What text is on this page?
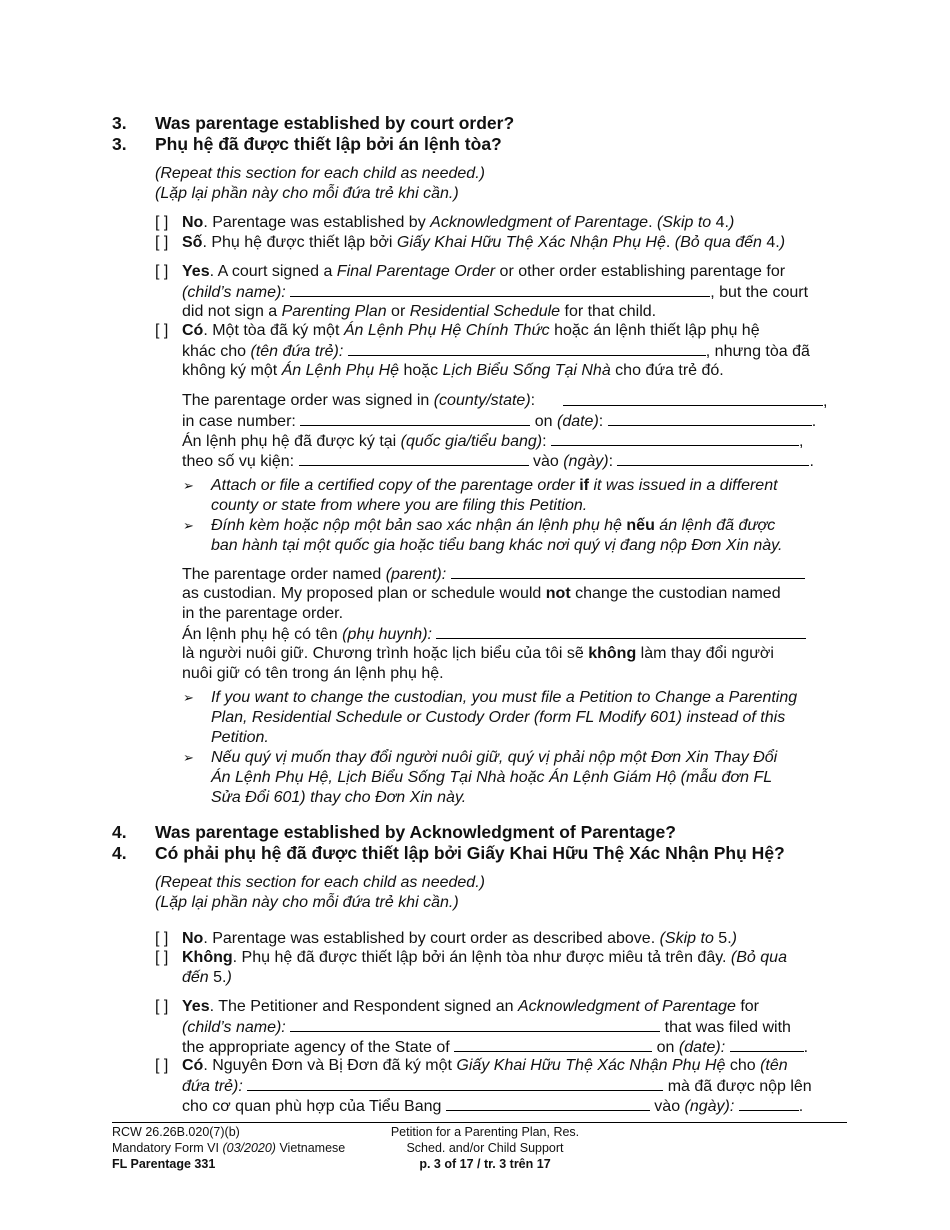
3. Was parentage established by court order?
3. Phụ hệ đã được thiết lập bởi án lệnh tòa?
(Repeat this section for each child as needed.)
(Lặp lại phần này cho mỗi đứa trẻ khi cần.)
[ ] No. Parentage was established by Acknowledgment of Parentage. (Skip to 4.)
[ ] Số. Phụ hệ được thiết lập bởi Giấy Khai Hữu Thệ Xác Nhận Phụ Hệ. (Bỏ qua đến 4.)
[ ] Yes. A court signed a Final Parentage Order or other order establishing parentage for
(child’s name):	, but the court
did not sign a Parenting Plan or Residential Schedule for that child.
[ ] Có. Một tòa đã ký một Án Lệnh Phụ Hệ Chính Thức hoặc án lệnh thiết lập phụ hệ
khác cho (tên đứa trẻ):	, nhưng tòa đã
không ký một Án Lệnh Phụ Hệ hoặc Lịch Biểu Sống Tại Nhà cho đứa trẻ đó.
The parentage order was signed in (county/state):	,
in case number:	on (date):	.
Án lệnh phụ hệ đã được ký tại (quốc gia/tiểu bang):	,
theo số vụ kiện:	vào (ngày):	.
➢ Attach or file a certified copy of the parentage order if it was issued in a different
county or state from where you are filing this Petition.
➢ Đính kèm hoặc nộp một bản sao xác nhận án lệnh phụ hệ nếu án lệnh đã được
ban hành tại một quốc gia hoặc tiểu bang khác nơi quý vị đang nộp Đơn Xin này.
The parentage order named (parent):
as custodian. My proposed plan or schedule would not change the custodian named
in the parentage order.
Án lệnh phụ hệ có tên (phụ huynh):
là người nuôi giữ. Chương trình hoặc lịch biểu của tôi sẽ không làm thay đổi người
nuôi giữ có tên trong án lệnh phụ hệ.
➢ If you want to change the custodian, you must file a Petition to Change a Parenting
Plan, Residential Schedule or Custody Order (form FL Modify 601) instead of this
Petition.
➢ Nếu quý vị muốn thay đổi người nuôi giữ, quý vị phải nộp một Đơn Xin Thay Đổi
Án Lệnh Phụ Hệ, Lịch Biểu Sống Tại Nhà hoặc Án Lệnh Giám Hộ (mẫu đơn FL
Sửa Đổi 601) thay cho Đơn Xin này.
4. Was parentage established by Acknowledgment of Parentage?
4. Có phải phụ hệ đã được thiết lập bởi Giấy Khai Hữu Thệ Xác Nhận Phụ Hệ?
(Repeat this section for each child as needed.)
(Lặp lại phần này cho mỗi đứa trẻ khi cần.)
[ ] No. Parentage was established by court order as described above. (Skip to 5.)
[ ] Không. Phụ hệ đã được thiết lập bởi án lệnh tòa như được miêu tả trên đây. (Bỏ qua
đến 5.)
[ ] Yes. The Petitioner and Respondent signed an Acknowledgment of Parentage for
(child’s name):	that was filed with
the appropriate agency of the State of	on (date):	.
[ ] Có. Nguyên Đơn và Bị Đơn đã ký một Giấy Khai Hữu Thệ Xác Nhận Phụ Hệ cho (tên
đứa trẻ):	mà đã được nộp lên
cho cơ quan phù hợp của Tiểu Bang	vào (ngày):	.
RCW 26.26B.020(7)(b)
Mandatory Form VI (03/2020) Vietnamese
FL Parentage 331
Petition for a Parenting Plan, Res.
Sched. and/or Child Support
p. 3 of 17 / tr. 3 trên 17
